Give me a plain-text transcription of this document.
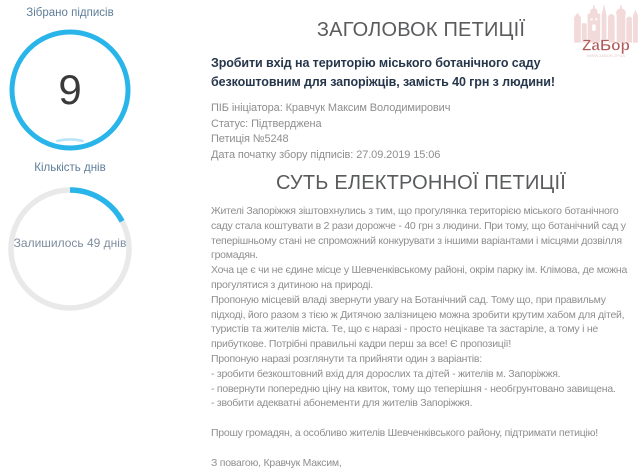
Зібрано підписів
9
Кількість днів
Залишилось 49 днів
ZаБор
WWW.ZABOR.ZP.UA
ЗАГОЛОВОК ПЕТИЦІЇ
Зробити вхід на територію міського ботанічного саду безкоштовним для запоріжців, замість 40 грн з людини!

ПІБ ініціатора: Кравчук Максим Володимирович

Статус: Підтверджена

Петиція №5248

Дата початку збору підписів: 27.09.2019 15:06

СУТЬ ЕЛЕКТРОННОЇ ПЕТИЦІЇ

Жителі Запоріжжя зіштовхнулись з тим, що прогулянка територією міського ботанічного саду стала коштувати в 2 рази дорожче - 40 грн з людини. При тому, що ботанічний сад у теперішньому стані не спроможний конкурувати з іншими варіантами і місцями дозвілля громадян.

Хоча це є чи не єдине місце у Шевченківському районі, окрім парку ім. Клімова, де можна прогулятися з дитиною на природі.

Пропоную місцевій владі звернути увагу на Ботанічний сад. Тому що, при правильму підході, його разом з тією ж Дитячою залізницею можна зробити крутим хабом для дітей, туристів та жителів міста. Те, що є наразі - просто нецікаве та застаріле, а тому і не прибуткове. Потрібні правильні кадри перш за все! Є пропозиції!

Пропоную наразі розглянути та прийняти один з варіантів:

- зробити безкоштовний вхід для дорослих та дітей - жителів м. Запоріжжя.

- повернути попередню ціну на квиток, тому що теперішня - необгрунтовано завищена.

- звобити адекватні абонементи для жителів Запоріжжя.

Прошу громадян, а особливо жителів Шевченківського району, підтримати петицію!

З повагою, Кравчук Максим,
